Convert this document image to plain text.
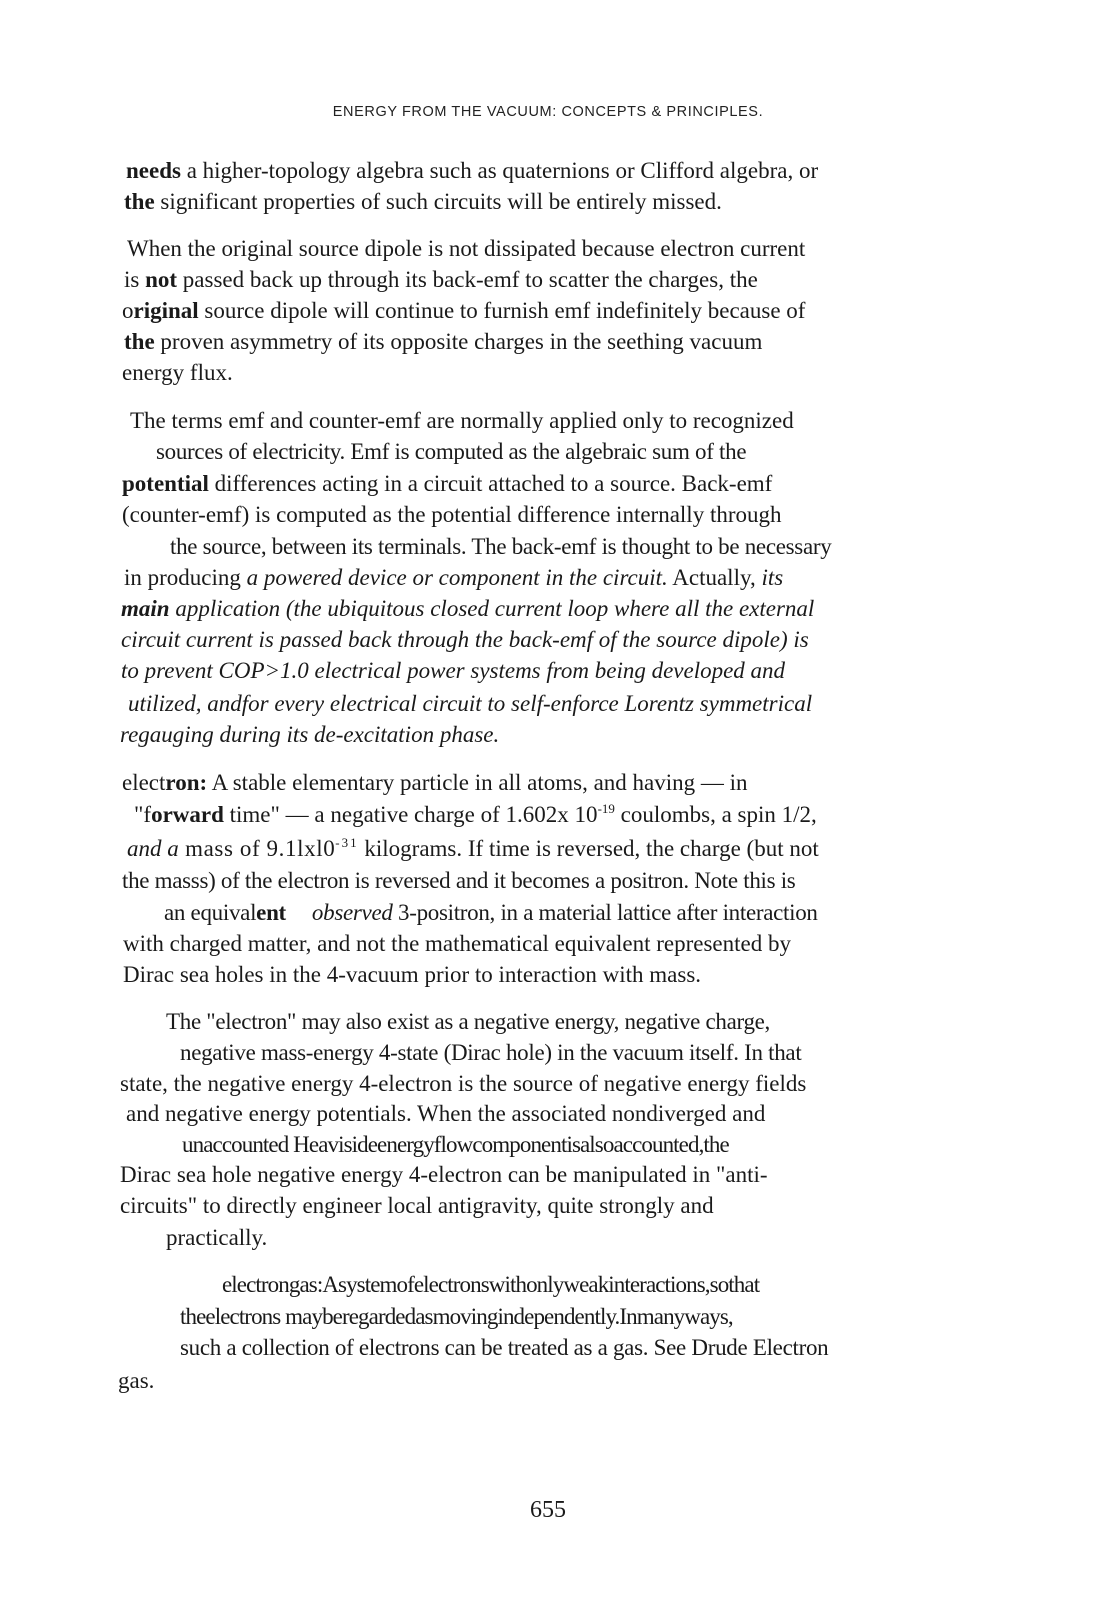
ENERGY FROM THE VACUUM: CONCEPTS & PRINCIPLES.
needs a higher-topology algebra such as quaternions or Clifford algebra, or
the significant properties of such circuits will be entirely missed.
When the original source dipole is not dissipated because electron current
is not passed back up through its back-emf to scatter the charges, the
original source dipole will continue to furnish emf indefinitely because of
the proven asymmetry of its opposite charges in the seething vacuum
energy flux.
The terms emf and counter-emf are normally applied only to recognized
sources of electricity. Emf is computed as the algebraic sum of the
potential differences acting in a circuit attached to a source. Back-emf
(counter-emf) is computed as the potential difference internally through
the source, between its terminals. The back-emf is thought to be necessary
in producing a powered device or component in the circuit. Actually, its
main application (the ubiquitous closed current loop where all the external
circuit current is passed back through the back-emf of the source dipole) is
to prevent COP>1.0 electrical power systems from being developed and
utilized, andfor every electrical circuit to self-enforce Lorentz symmetrical
regauging during its de-excitation phase.
electron: A stable elementary particle in all atoms, and having — in
"forward time" — a negative charge of 1.602x $10^{-19}$ coulombs, a spin 1/2,
and a mass of $9.1lxl0^{-31}$ kilograms. If time is reversed, the charge (but not
the masss) of the electron is reversed and it becomes a positron. Note this is
an equivalent observed 3-positron, in a material lattice after interaction
with charged matter, and not the mathematical equivalent represented by
Dirac sea holes in the 4-vacuum prior to interaction with mass.
The "electron" may also exist as a negative energy, negative charge,
negative mass-energy 4-state (Dirac hole) in the vacuum itself. In that
state, the negative energy 4-electron is the source of negative energy fields
and negative energy potentials. When the associated nondiverged and
unaccounted Heavisideenergyflowcomponentisalsoaccounted,the
Dirac sea hole negative energy 4-electron can be manipulated in "anti-
circuits" to directly engineer local antigravity, quite strongly and
practically.
electrongas:Asystemofelectronswithonlyweakinteractions,sothat
theelectrons mayberegardedasmovingindependently.Inmanyways,
such a collection of electrons can be treated as a gas. See Drude Electron
gas.
655
